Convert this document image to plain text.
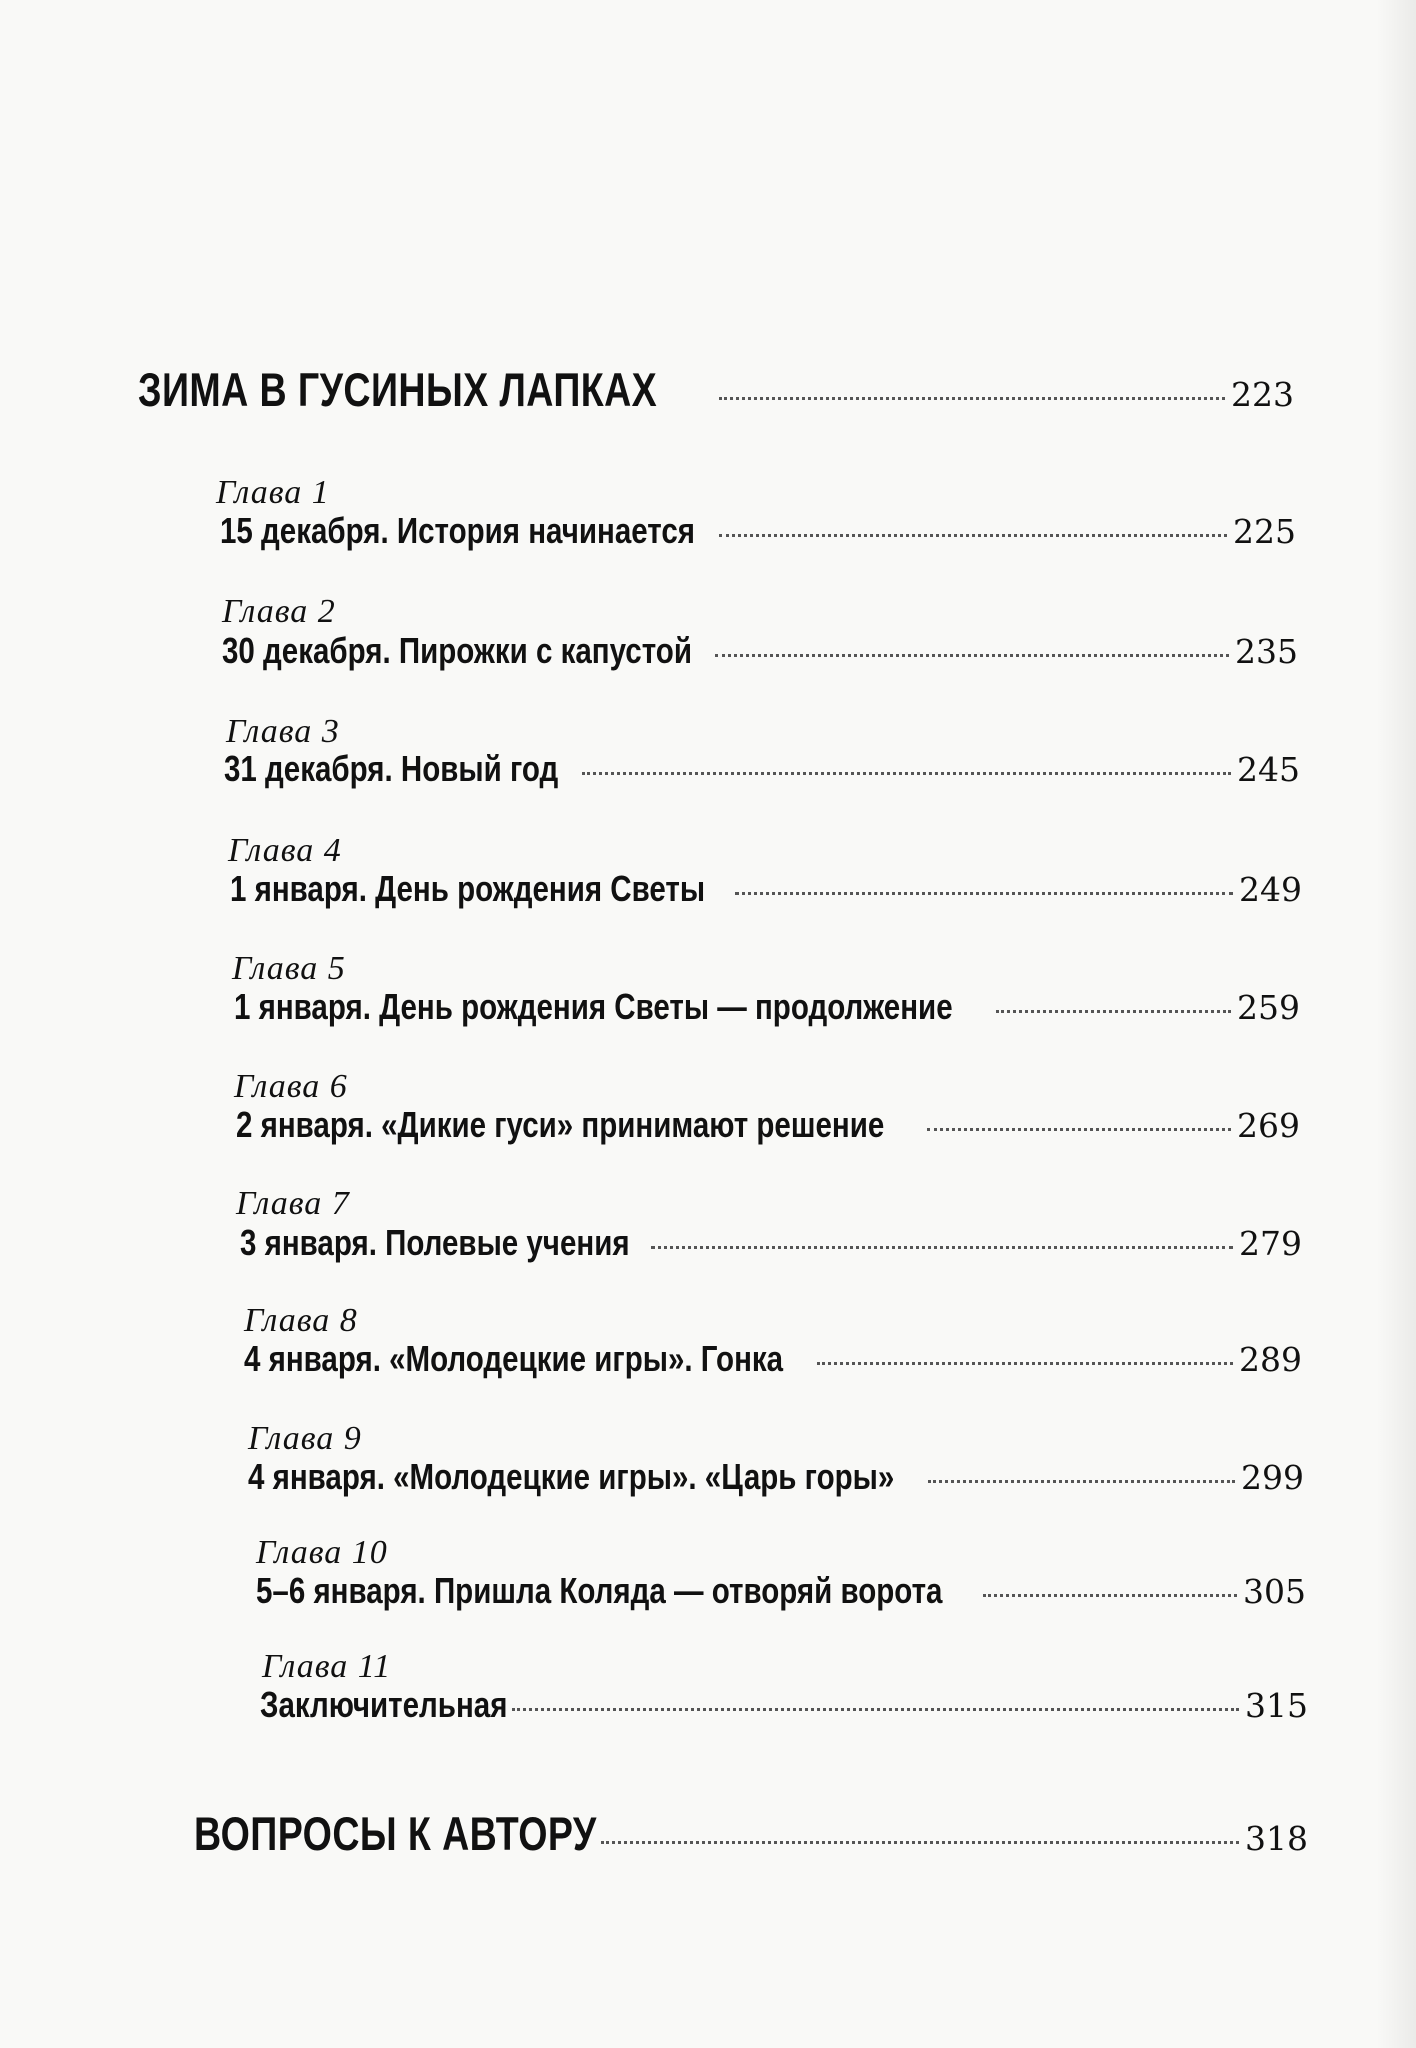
ЗИМА В ГУСИНЫХ ЛАПКАХ	223
Глава 1
15 декабря. История начинается	225
Глава 2
30 декабря. Пирожки с капустой	235
Глава 3
31 декабря. Новый год	245
Глава 4
1 января. День рождения Светы	249
Глава 5
1 января. День рождения Светы — продолжение	259
Глава 6
2 января. «Дикие гуси» принимают решение	269
Глава 7
3 января. Полевые учения	279
Глава 8
4 января. «Молодецкие игры». Гонка	289
Глава 9
4 января. «Молодецкие игры». «Царь горы»	299
Глава 10
5–6 января. Пришла Коляда — отворяй ворота	305
Глава 11
Заключительная	315
ВОПРОСЫ К АВТОРУ	318
